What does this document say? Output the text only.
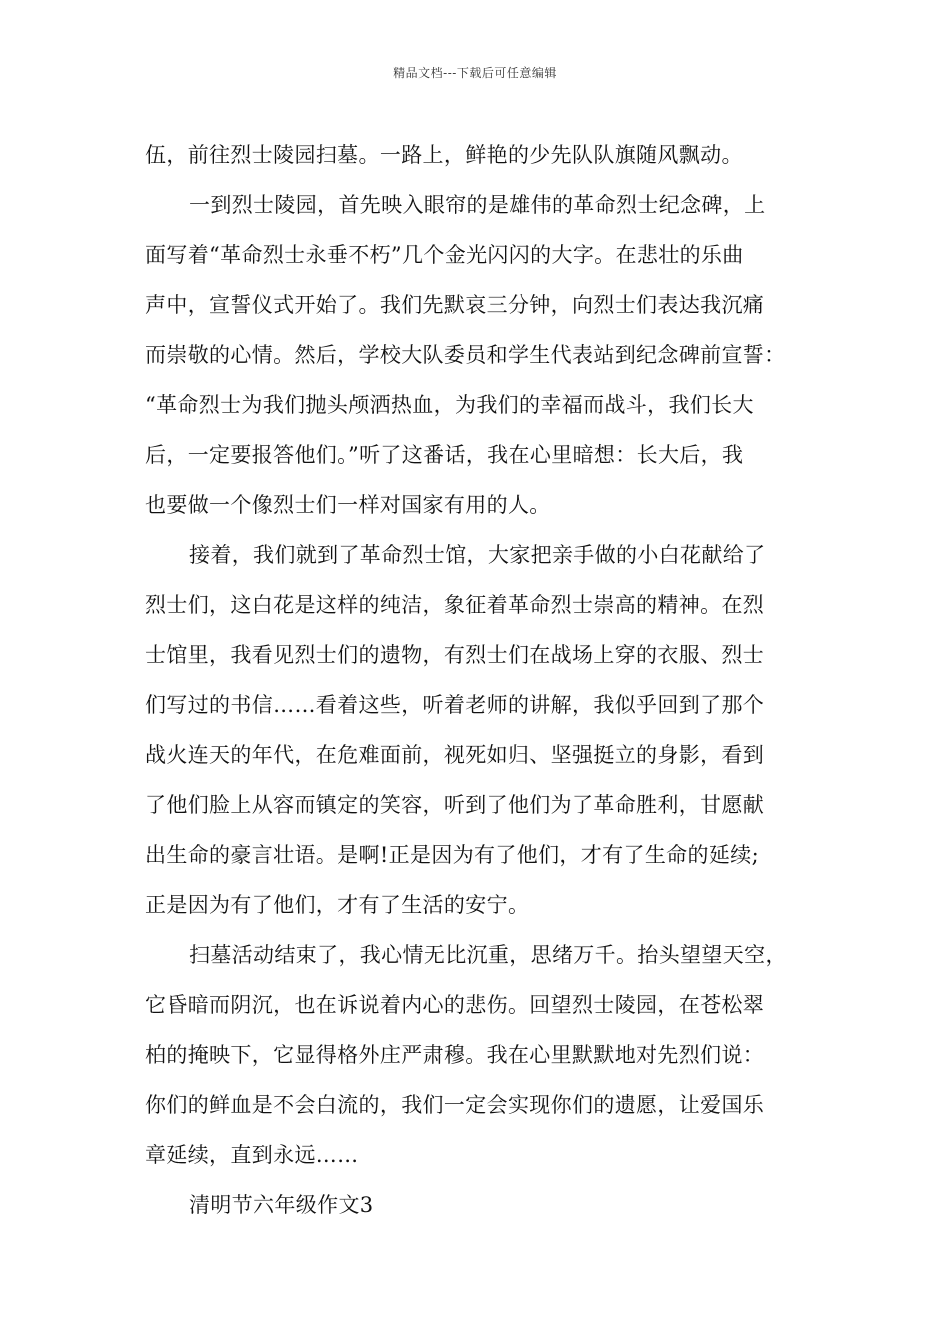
精品文档---下载后可任意编辑
伍，前往烈士陵园扫墓。一路上，鲜艳的少先队队旗随风飘动。
一到烈士陵园，首先映入眼帘的是雄伟的革命烈士纪念碑，上
面写着“革命烈士永垂不朽”几个金光闪闪的大字。在悲壮的乐曲
声中，宣誓仪式开始了。我们先默哀三分钟，向烈士们表达我沉痛
而崇敬的心情。然后，学校大队委员和学生代表站到纪念碑前宣誓：
“革命烈士为我们抛头颅洒热血，为我们的幸福而战斗，我们长大
后，一定要报答他们。”听了这番话，我在心里暗想：长大后，我
也要做一个像烈士们一样对国家有用的人。
接着，我们就到了革命烈士馆，大家把亲手做的小白花献给了
烈士们，这白花是这样的纯洁，象征着革命烈士崇高的精神。在烈
士馆里，我看见烈士们的遗物，有烈士们在战场上穿的衣服、烈士
们写过的书信……看着这些，听着老师的讲解，我似乎回到了那个
战火连天的年代，在危难面前，视死如归、坚强挺立的身影，看到
了他们脸上从容而镇定的笑容，听到了他们为了革命胜利，甘愿献
出生命的豪言壮语。是啊!正是因为有了他们，才有了生命的延续;
正是因为有了他们，才有了生活的安宁。
扫墓活动结束了，我心情无比沉重，思绪万千。抬头望望天空，
它昏暗而阴沉，也在诉说着内心的悲伤。回望烈士陵园，在苍松翠
柏的掩映下，它显得格外庄严肃穆。我在心里默默地对先烈们说：
你们的鲜血是不会白流的，我们一定会实现你们的遗愿，让爱国乐
章延续，直到永远……
清明节六年级作文3
